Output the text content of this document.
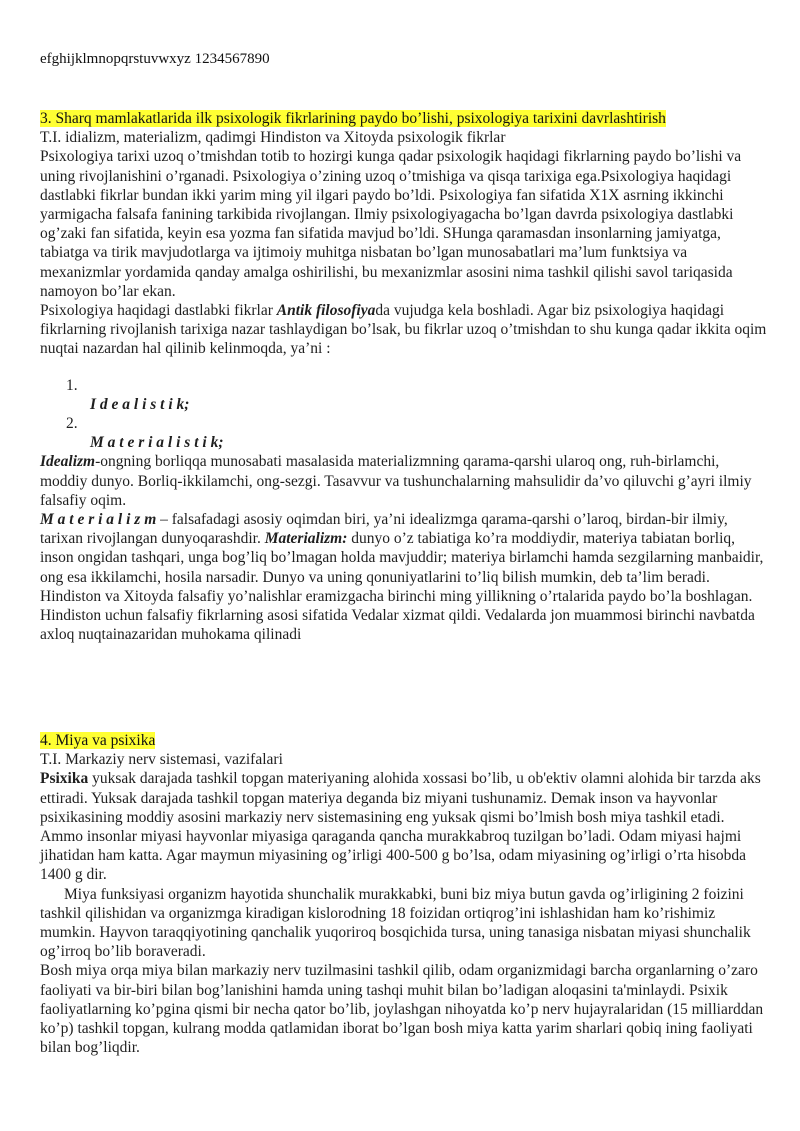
efghijklmnopqrstuvwxyz 1234567890

3. Sharq mamlakatlarida ilk psixologik fikrlarining paydo bo’lishi, psixologiya tarixini davrlashtirish

T.I. idializm, materializm, qadimgi Hindiston va Xitoyda psixologik fikrlar

Psixologiya tarixi uzoq o’tmishdan totib to hozirgi kunga qadar psixologik haqidagi fikrlarning paydo bo’lishi va uning rivojlanishini o’rganadi. Psixologiya o’zining uzoq o’tmishiga va qisqa tarixiga ega.Psixologiya haqidagi dastlabki fikrlar bundan ikki yarim ming yil ilgari paydo bo’ldi. Psixologiya fan sifatida X1X asrning ikkinchi yarmigacha falsafa fanining tarkibida rivojlangan. Ilmiy psixologiyagacha bo’lgan davrda psixologiya dastlabki og’zaki fan sifatida, keyin esa yozma fan sifatida mavjud bo’ldi. SHunga qaramasdan insonlarning jamiyatga, tabiatga va tirik mavjudotlarga va ijtimoiy muhitga nisbatan bo’lgan munosabatlari ma’lum funktsiya va mexanizmlar yordamida qanday amalga oshirilishi, bu mexanizmlar asosini nima tashkil qilishi savol tariqasida namoyon bo’lar ekan.

Psixologiya haqidagi dastlabki fikrlar Antik filosofiyada vujudga kela boshladi. Agar biz psixologiya haqidagi fikrlarning rivojlanish tarixiga nazar tashlaydigan bo’lsak, bu fikrlar uzoq o’tmishdan to shu kunga qadar ikkita oqim nuqtai nazardan hal qilinib kelinmoqda, ya’ni :

1.
I d e a l i s t i k;
2.
M a t e r i a l i s t i k;

Idealizm-ongning borliqqa munosabati masalasida materializmning qarama-qarshi ularoq ong, ruh-birlamchi, moddiy dunyo. Borliq-ikkilamchi, ong-sezgi. Tasavvur va tushunchalarning mahsulidir da’vo qiluvchi g’ayri ilmiy falsafiy oqim.

M a t e r i a l i z m – falsafadagi asosiy oqimdan biri, ya’ni idealizmga qarama-qarshi o’laroq, birdan-bir ilmiy, tarixan rivojlangan dunyoqarashdir. Materializm: dunyo o’z tabiatiga ko’ra moddiydir, materiya tabiatan borliq, inson ongidan tashqari, unga bog’liq bo’lmagan holda mavjuddir; materiya birlamchi hamda sezgilarning manbaidir, ong esa ikkilamchi, hosila narsadir. Dunyo va uning qonuniyatlarini to’liq bilish mumkin, deb ta’lim beradi.

Hindiston va Xitoyda falsafiy yo’nalishlar eramizgacha birinchi ming yillikning o’rtalarida paydo bo’la boshlagan. Hindiston uchun falsafiy fikrlarning asosi sifatida Vedalar xizmat qildi. Vedalarda jon muammosi birinchi navbatda axloq nuqtainazaridan muhokama qilinadi

4. Miya va psixika

T.I. Markaziy nerv sistemasi, vazifalari

Psixika yuksak darajada tashkil topgan materiyaning alohida xossasi bo’lib, u ob'ektiv olamni alohida bir tarzda aks ettiradi. Yuksak darajada tashkil topgan materiya deganda biz miyani tushunamiz. Demak inson va hayvonlar psixikasining moddiy asosini markaziy nerv sistemasining eng yuksak qismi bo’lmish bosh miya tashkil etadi. Ammo insonlar miyasi hayvonlar miyasiga qaraganda qancha murakkabroq tuzilgan bo’ladi. Odam miyasi hajmi jihatidan ham katta. Agar maymun miyasining og’irligi 400-500 g bo’lsa, odam miyasining og’irligi o’rta hisobda 1400 g dir.

Miya funksiyasi organizm hayotida shunchalik murakkabki, buni biz miya butun gavda og’irligining 2 foizini tashkil qilishidan va organizmga kiradigan kislorodning 18 foizidan ortiqrog’ini ishlashidan ham ko’rishimiz mumkin. Hayvon taraqqiyotining qanchalik yuqoriroq bosqichida tursa, uning tanasiga nisbatan miyasi shunchalik og’irroq bo’lib boraveradi.

Bosh miya orqa miya bilan markaziy nerv tuzilmasini tashkil qilib, odam organizmidagi barcha organlarning o’zaro faoliyati va bir-biri bilan bog’lanishini hamda uning tashqi muhit bilan bo’ladigan aloqasini ta'minlaydi. Psixik faoliyatlarning ko’pgina qismi bir necha qator bo’lib, joylashgan nihoyatda ko’p nerv hujayralaridan (15 milliarddan ko’p) tashkil topgan, kulrang modda qatlamidan iborat bo’lgan bosh miya katta yarim sharlari qobiq ining faoliyati bilan bog’liqdir.
